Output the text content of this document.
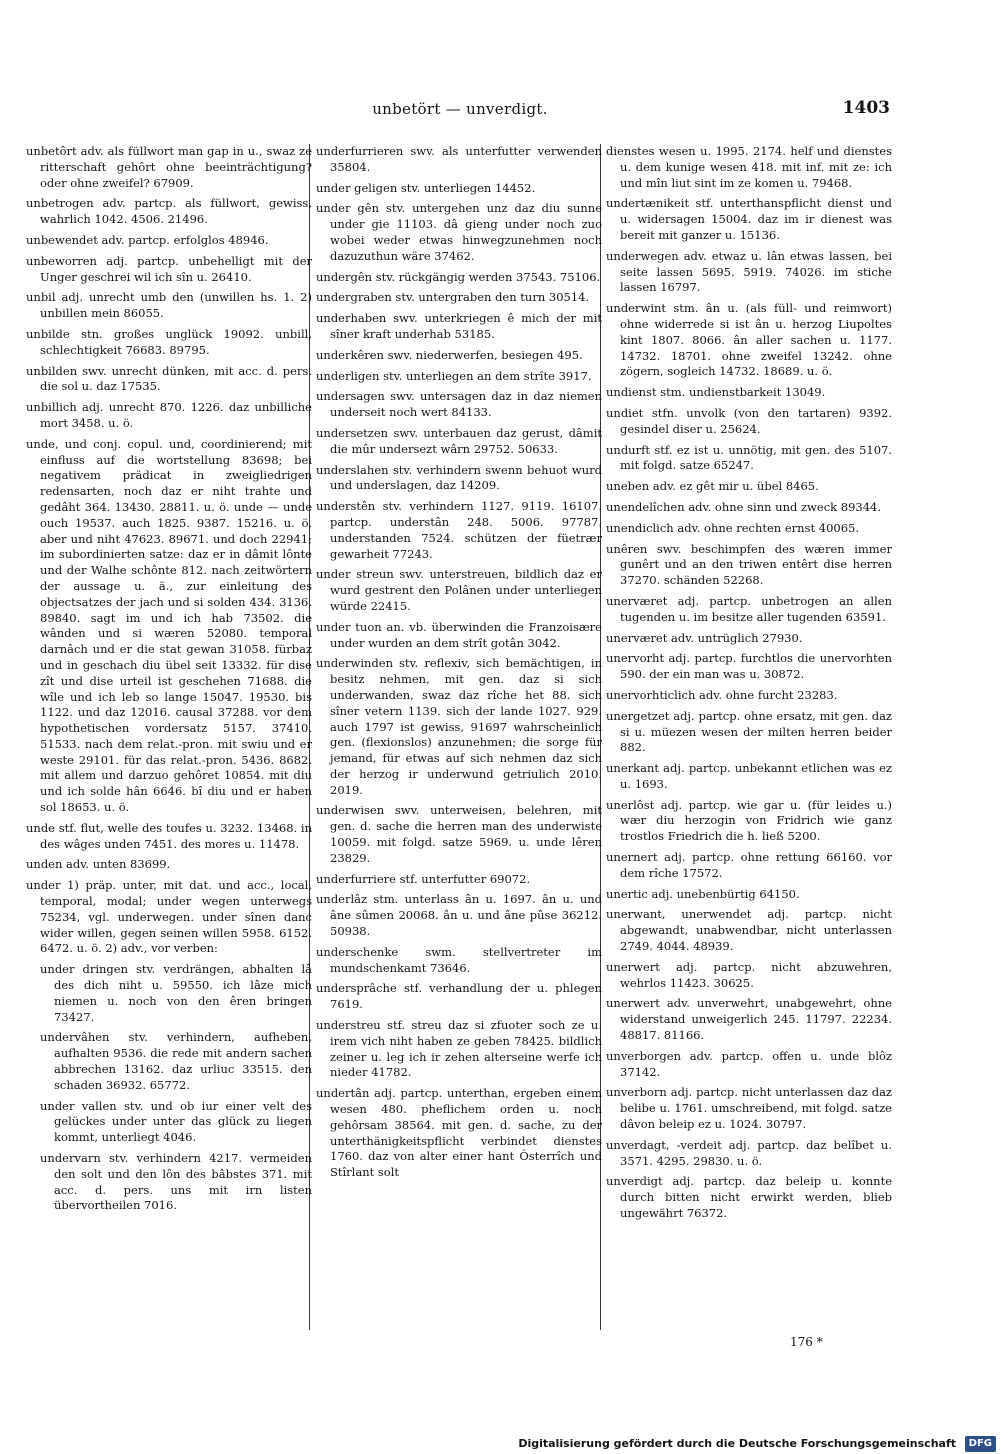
unbetört — unverdigt.	1403

unbetôrt adv. als füllwort man gap in u., swaz ze ritterschaft gehôrt ohne beeinträchtigung? oder ohne zweifel? 67909.

unbetrogen adv. partcp. als füllwort, gewiss, wahrlich 1042. 4506. 21496.

unbewendet adv. partcp. erfolglos 48946.

unbeworren adj. partcp. unbehelligt mit der Unger geschrei wil ich sîn u. 26410.

unbil adj. unrecht umb den (unwillen hs. 1. 2) unbillen mein 86055.

unbilde stn. großes unglück 19092. unbill, schlechtigkeit 76683. 89795.

unbilden swv. unrecht dünken, mit acc. d. pers. die sol u. daz 17535.

unbillich adj. unrecht 870. 1226. daz unbilliche mort 3458. u. ö.

unde, und conj. copul. und, coordinierend; mit einfluss auf die wortstellung 83698; bei negativem prädicat in zweigliedrigen redensarten, noch daz er niht trahte und gedâht 364. 13430. 28811. u. ö. unde — unde ouch 19537. auch 1825. 9387. 15216. u. ö. aber und niht 47623. 89671. und doch 22941; im subordinierten satze: daz er in dâmit lônte und der Walhe schônte 812. nach zeitwörtern der aussage u. ä., zur einleitung des objectsatzes der jach und si solden 434. 3136. 89840. sagt im und ich hab 73502. die wânden und si wæren 52080. temporal darnâch und er die stat gewan 31058. fürbaz und in geschach diu übel seit 13332. für dise zît und dise urteil ist geschehen 71688. die wîle und ich leb so lange 15047. 19530. bis 1122. und daz 12016. causal 37288. vor dem hypothetischen vordersatz 5157. 37410. 51533. nach dem relat.-pron. mit swiu und er weste 29101. für das relat.-pron. 5436. 8682. mit allem und darzuo gehôret 10854. mit diu und ich solde hân 6646. bî diu und er haben sol 18653. u. ö.

unde stf. flut, welle des toufes u. 3232. 13468. in des wâges unden 7451. des mores u. 11478.

unden adv. unten 83699.

under 1) präp. unter, mit dat. und acc., local, temporal, modal; under wegen unterwegs 75234, vgl. underwegen. under sînen danc wider willen, gegen seinen willen 5958. 6152. 6472. u. ö. 2) adv., vor verben:

under dringen stv. verdrängen, abhalten lâ des dich niht u. 59550. ich lâze mich niemen u. noch von den êren bringen 73427.

undervâhen stv. verhindern, aufheben, aufhalten 9536. die rede mit andern sachen abbrechen 13162. daz urliuc 33515. den schaden 36932. 65772.

under vallen stv. und ob iur einer velt des gelückes under unter das glück zu liegen kommt, unterliegt 4046.

undervarn stv. verhindern 4217. vermeiden den solt und den lôn des bâbstes 371. mit acc. d. pers. uns mit irn listen übervortheilen 7016.

underfurrieren swv. als unterfutter verwenden 35804.

under geligen stv. unterliegen 14452.

under gên stv. untergehen unz daz diu sunne under gie 11103. dâ gieng under noch zuo wobei weder etwas hinwegzunehmen noch dazuzuthun wäre 37462.

undergên stv. rückgängig werden 37543. 75106.

undergraben stv. untergraben den turn 30514.

underhaben swv. unterkriegen ê mich der mit sîner kraft underhab 53185.

underkêren swv. niederwerfen, besiegen 495.

underligen stv. unterliegen an dem strîte 3917.

undersagen swv. untersagen daz in daz niemen underseit noch wert 84133.

undersetzen swv. unterbauen daz gerust, dâmit die mûr undersezt wârn 29752. 50633.

underslahen stv. verhindern swenn behuot wurd und underslagen, daz 14209.

understên stv. verhindern 1127. 9119. 16107. partcp. understân 248. 5006. 97787. understanden 7524. schützen der füetrær gewarheit 77243.

under streun swv. unterstreuen, bildlich daz er wurd gestrent den Polânen under unterliegen würde 22415.

under tuon an. vb. überwinden die Franzoisære under wurden an dem strît gotân 3042.

underwinden stv. reflexiv, sich bemächtigen, in besitz nehmen, mit gen. daz si sich underwanden, swaz daz rîche het 88. sich sîner vetern 1139. sich der lande 1027. 929. auch 1797 ist gewiss, 91697 wahrscheinlich gen. (flexionslos) anzunehmen; die sorge für jemand, für etwas auf sich nehmen daz sich der herzog ir underwund getriulich 2010. 2019.

underwisen swv. unterweisen, belehren, mit gen. d. sache die herren man des underwiste 10059. mit folgd. satze 5969. u. unde lêren 23829.

underfurriere stf. unterfutter 69072.

underlâz stm. unterlass ân u. 1697. ân u. und âne sûmen 20068. ân u. und âne pûse 36212. 50938.

underschenke swm. stellvertreter im mundschenkamt 73646.

undersprâche stf. verhandlung der u. phlegen 7619.

understreu stf. streu daz si zfuoter soch ze u. irem vich niht haben ze geben 78425. bildlich zeiner u. leg ich ir zehen alterseine werfe ich nieder 41782.

undertân adj. partcp. unterthan, ergeben einem wesen 480. pheflichem orden u. noch gehôrsam 38564. mit gen. d. sache, zu der unterthänigkeitspflicht verbindet dienstes 1760. daz von alter einer hant Ôsterrîch und Stîrlant solt

dienstes wesen u. 1995. 2174. helf und dienstes u. dem kunige wesen 418. mit inf. mit ze: ich und mîn liut sint im ze komen u. 79468.

undertænikeit stf. unterthanspflicht dienst und u. widersagen 15004. daz im ir dienest was bereit mit ganzer u. 15136.

underwegen adv. etwaz u. lân etwas lassen, bei seite lassen 5695. 5919. 74026. im stiche lassen 16797.

underwint stm. ân u. (als füll- und reimwort) ohne widerrede si ist ân u. herzog Liupoltes kint 1807. 8066. ân aller sachen u. 1177. 14732. 18701. ohne zweifel 13242. ohne zögern, sogleich 14732. 18689. u. ö.

undienst stm. undienstbarkeit 13049.

undiet stfn. unvolk (von den tartaren) 9392. gesindel diser u. 25624.

undurft stf. ez ist u. unnötig, mit gen. des 5107. mit folgd. satze 65247.

uneben adv. ez gêt mir u. übel 8465.

unendelîchen adv. ohne sinn und zweck 89344.

unendiclich adv. ohne rechten ernst 40065.

unêren swv. beschimpfen des wæren immer gunêrt und an den triwen entêrt dise herren 37270. schänden 52268.

unerværet adj. partcp. unbetrogen an allen tugenden u. im besitze aller tugenden 63591.

unerværet adv. untrüglich 27930.

unervorht adj. partcp. furchtlos die unervorhten 590. der ein man was u. 30872.

unervorhticlich adv. ohne furcht 23283.

unergetzet adj. partcp. ohne ersatz, mit gen. daz si u. müezen wesen der milten herren beider 882.

unerkant adj. partcp. unbekannt etlichen was ez u. 1693.

unerlôst adj. partcp. wie gar u. (für leides u.) wær diu herzogin von Fridrich wie ganz trostlos Friedrich die h. ließ 5200.

unernert adj. partcp. ohne rettung 66160. vor dem rîche 17572.

unertic adj. unebenbürtig 64150.

unerwant, unerwendet adj. partcp. nicht abgewandt, unabwendbar, nicht unterlassen 2749. 4044. 48939.

unerwert adj. partcp. nicht abzuwehren, wehrlos 11423. 30625.

unerwert adv. unverwehrt, unabgewehrt, ohne widerstand unweigerlich 245. 11797. 22234. 48817. 81166.

unverborgen adv. partcp. offen u. unde blôz 37142.

unverborn adj. partcp. nicht unterlassen daz daz belibe u. 1761. umschreibend, mit folgd. satze dâvon beleip ez u. 1024. 30797.

unverdagt, -verdeit adj. partcp. daz belîbet u. 3571. 4295. 29830. u. ö.

unverdigt adj. partcp. daz beleip u. konnte durch bitten nicht erwirkt werden, blieb ungewährt 76372.

176 *
Digitalisierung gefördert durch die Deutsche Forschungsgemeinschaft	DFG
